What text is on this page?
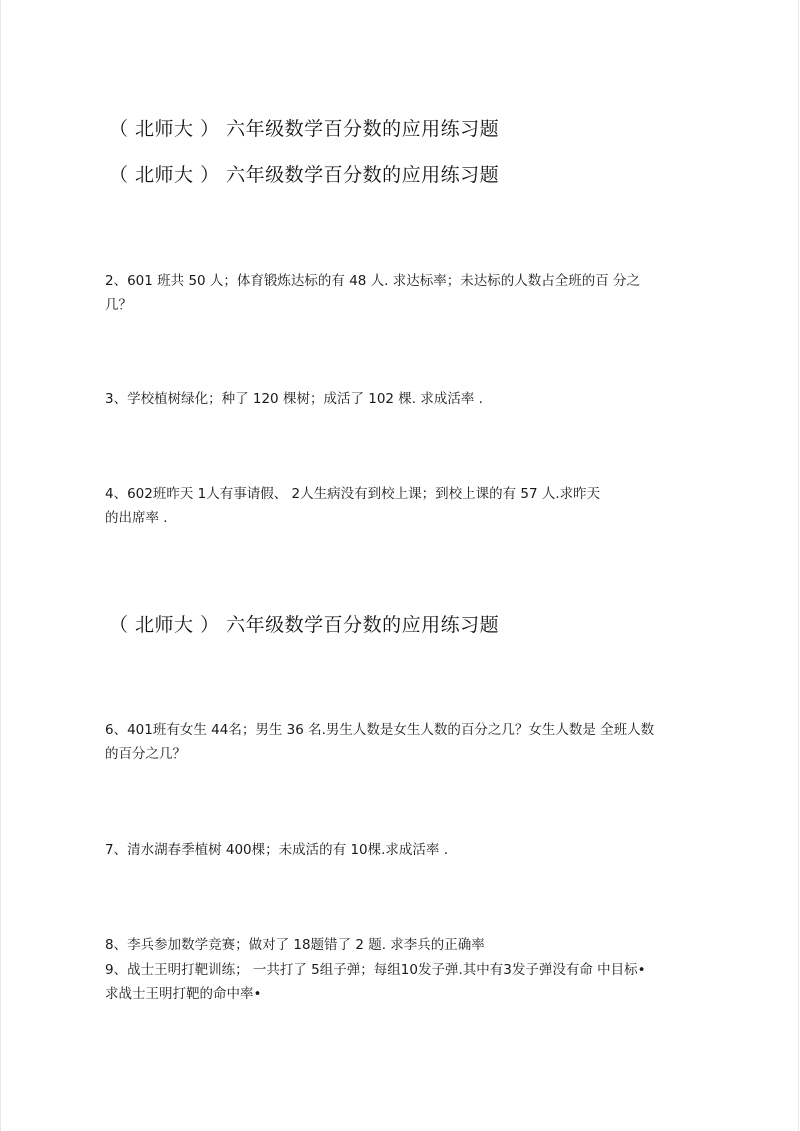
（ 北师大 ） 六年级数学百分数的应用练习题
（ 北师大 ） 六年级数学百分数的应用练习题
2、601 班共 50 人；体育锻炼达标的有 48 人. 求达标率；未达标的人数占全班的百 分之
几？
3、学校植树绿化；种了 120 棵树；成活了 102 棵. 求成活率 .
4、602班昨天 1人有事请假、 2人生病没有到校上课；到校上课的有 57 人.求昨天
的出席率 .
（ 北师大 ） 六年级数学百分数的应用练习题
6、401班有女生 44名；男生 36 名.男生人数是女生人数的百分之几？女生人数是 全班人数
的百分之几？
7、清水湖春季植树 400棵；未成活的有 10棵.求成活率 .
8、李兵参加数学竞赛；做对了 18题错了 2 题. 求李兵的正确率
9、战士王明打靶训练； 一共打了 5组子弹；每组10发子弹.其中有3发子弹没有命 中目标•
求战士王明打靶的命中率•
